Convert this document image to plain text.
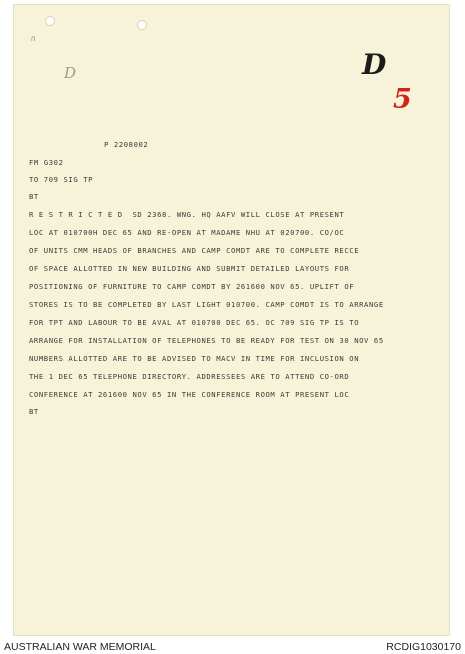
∩
D	D
5
P 2208002
FM G302
TO 709 SIG TP
BT
R E S T R I C T E D  SD 2368. WNG. HQ AAFV WILL CLOSE AT PRESENT
LOC AT 010700H DEC 65 AND RE-OPEN AT MADAME NHU AT 020700. CO/OC
OF UNITS CMM HEADS OF BRANCHES AND CAMP COMDT ARE TO COMPLETE RECCE
OF SPACE ALLOTTED IN NEW BUILDING AND SUBMIT DETAILED LAYOUTS FOR
POSITIONING OF FURNITURE TO CAMP COMDT BY 261600 NOV 65. UPLIFT OF
STORES IS TO BE COMPLETED BY LAST LIGHT 010700. CAMP COMDT IS TO ARRANGE
FOR TPT AND LABOUR TO BE AVAL AT 010700 DEC 65. OC 709 SIG TP IS TO
ARRANGE FOR INSTALLATION OF TELEPHONES TO BE READY FOR TEST ON 30 NOV 65
NUMBERS ALLOTTED ARE TO BE ADVISED TO MACV IN TIME FOR INCLUSION ON
THE 1 DEC 65 TELEPHONE DIRECTORY. ADDRESSEES ARE TO ATTEND CO-ORD
CONFERENCE AT 261600 NOV 65 IN THE CONFERENCE ROOM AT PRESENT LOC
BT
AUSTRALIAN WAR MEMORIAL	RCDIG1030170
